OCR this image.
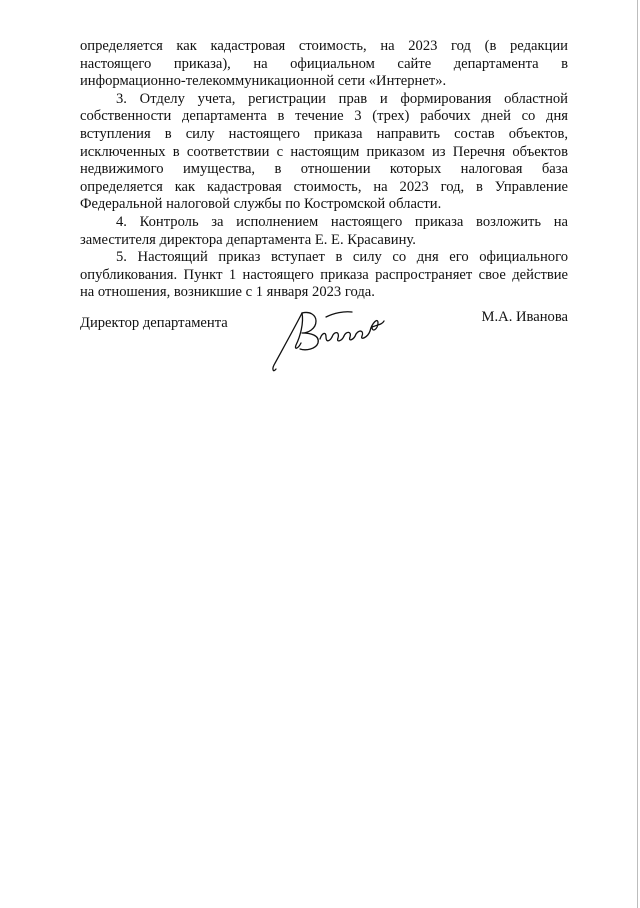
определяется как кадастровая стоимость, на 2023 год (в редакции
настоящего приказа), на официальном сайте департамента в
информационно-телекоммуникационной сети «Интернет».
3. Отделу учета, регистрации прав и формирования областной
собственности департамента в течение 3 (трех) рабочих дней со дня
вступления в силу настоящего приказа направить состав объектов,
исключенных в соответствии с настоящим приказом из Перечня объектов
недвижимого имущества, в отношении которых налоговая база
определяется как кадастровая стоимость, на 2023 год, в Управление
Федеральной налоговой службы по Костромской области.
4. Контроль за исполнением настоящего приказа возложить на
заместителя директора департамента Е. Е. Красавину.
5. Настоящий приказ вступает в силу со дня его официального
опубликования. Пункт 1 настоящего приказа распространяет свое действие
на отношения, возникшие с 1 января 2023 года.
Директор департамента	М.А. Иванова
